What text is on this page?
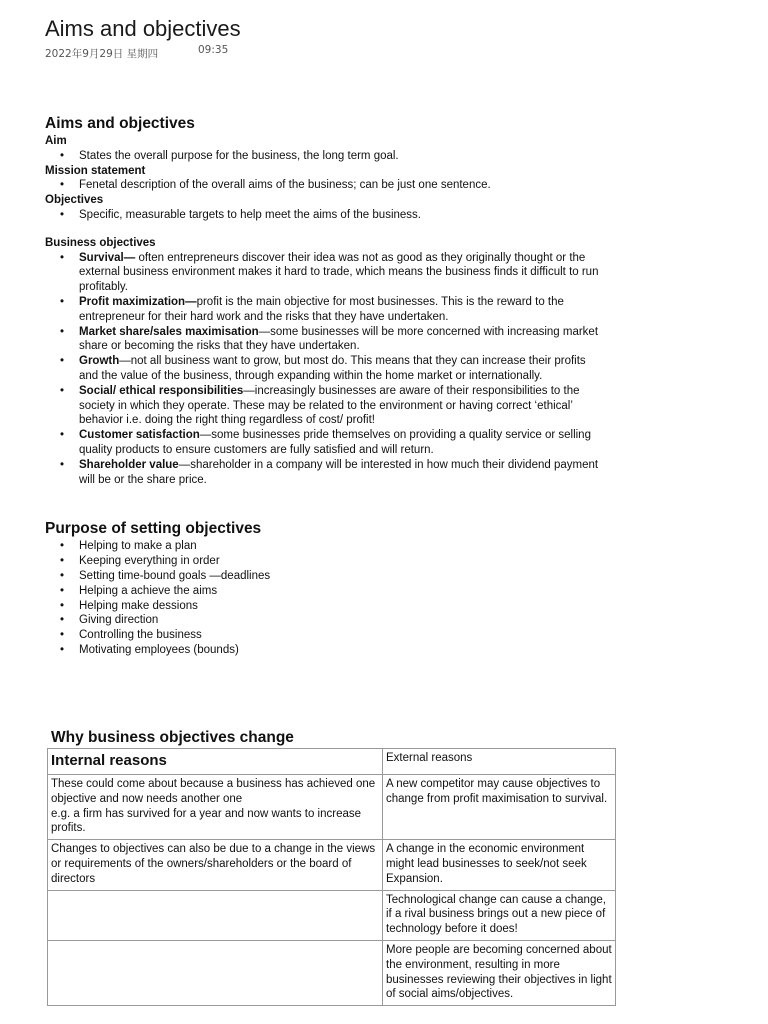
Aims and objectives
2022年9月29日 星期四	09:35
Aims and objectives

Aim

• States the overall purpose for the business, the long term goal.

Mission statement

• Fenetal description of the overall aims of the business; can be just one sentence.

Objectives

• Specific, measurable targets to help meet the aims of the business.

Business objectives

• Survival— often entrepreneurs discover their idea was not as good as they originally thought or the external business environment makes it hard to trade, which means the business finds it difficult to run profitably.
• Profit maximization—profit is the main objective for most businesses. This is the reward to the entrepreneur for their hard work and the risks that they have undertaken.
• Market share/sales maximisation—some businesses will be more concerned with increasing market share or becoming the risks that they have undertaken.
• Growth—not all business want to grow, but most do. This means that they can increase their profits and the value of the business, through expanding within the home market or internationally.
• Social/ ethical responsibilities—increasingly businesses are aware of their responsibilities to the society in which they operate. These may be related to the environment or having correct ‘ethical’ behavior i.e. doing the right thing regardless of cost/ profit!
• Customer satisfaction—some businesses pride themselves on providing a quality service or selling quality products to ensure customers are fully satisfied and will return.
• Shareholder value—shareholder in a company will be interested in how much their dividend payment will be or the share price.
Purpose of setting objectives
• Helping to make a plan
• Keeping everything in order
• Setting time-bound goals —deadlines
• Helping a achieve the aims
• Helping make dessions
• Giving direction
• Controlling the business
• Motivating employees (bounds)

Why business objectives change

Internal reasons	External reasons

These could come about because a business has achieved one objective and now needs another one
e.g. a firm has survived for a year and now wants to increase profits.	A new competitor may cause objectives to change from profit maximisation to survival.

Changes to objectives can also be due to a change in the views or requirements of the owners/shareholders or the board of directors	A change in the economic environment might lead businesses to seek/not seek Expansion.
	Technological change can cause a change, if a rival business brings out a new piece of technology before it does!
	More people are becoming concerned about the environment, resulting in more businesses reviewing their objectives in light of social aims/objectives.
